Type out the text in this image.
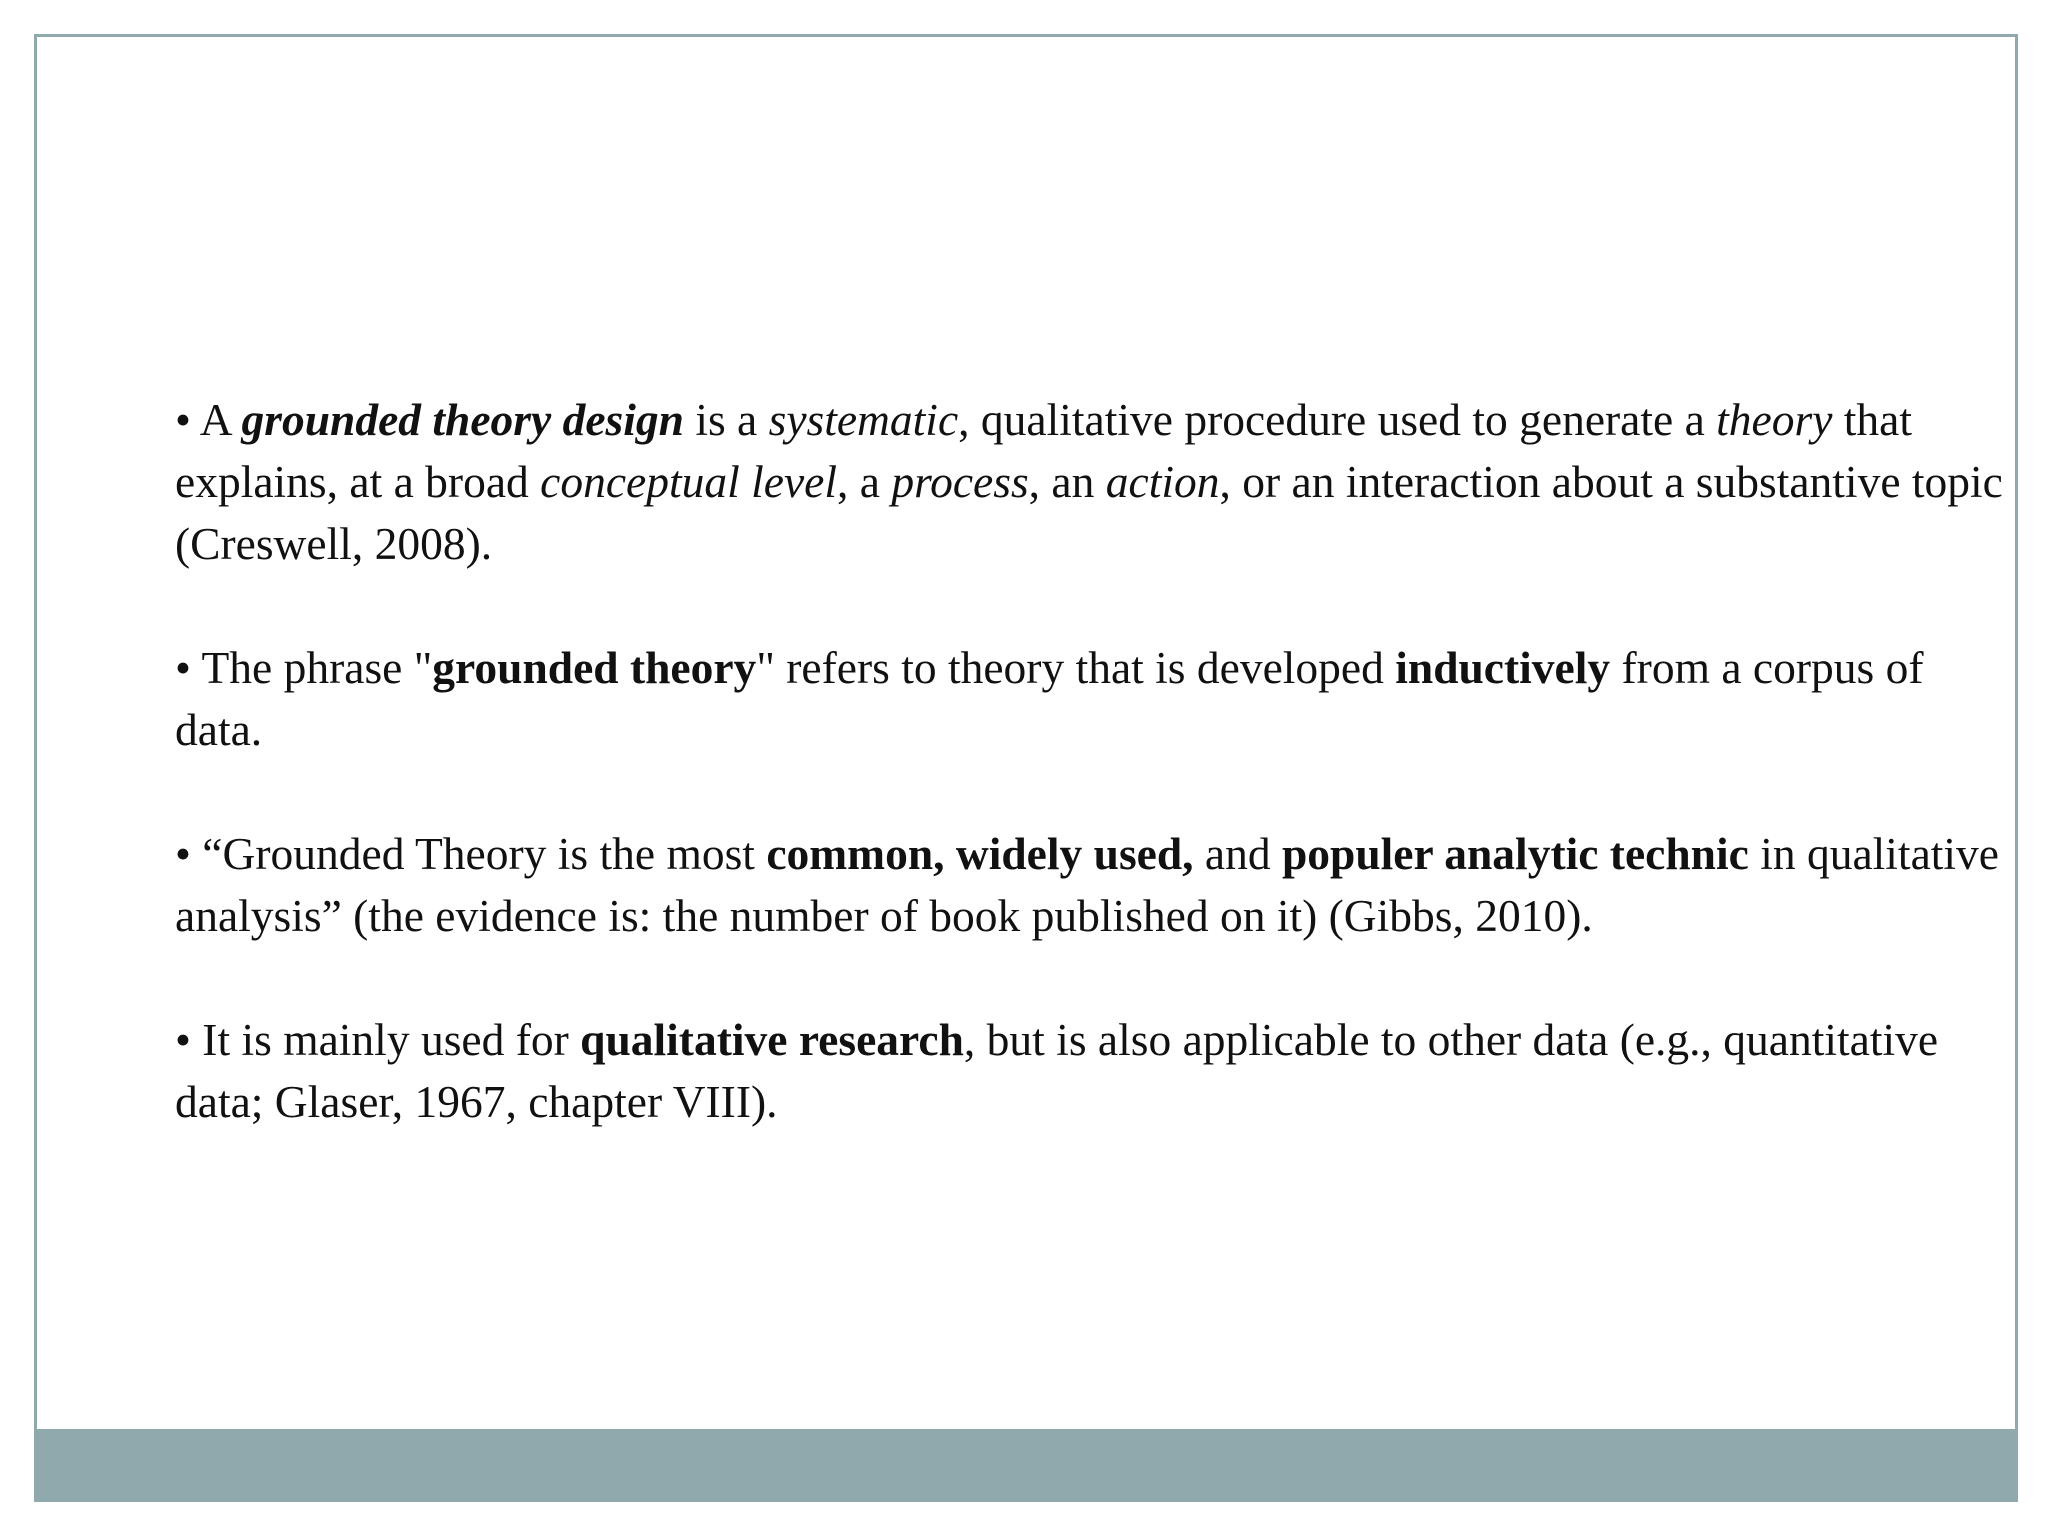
• A grounded theory design is a systematic, qualitative procedure used to generate a theory that explains, at a broad conceptual level, a process, an action, or an interaction about a substantive topic (Creswell, 2008).

• The phrase "grounded theory" refers to theory that is developed inductively from a corpus of data.

• “Grounded Theory is the most common, widely used, and populer analytic technic in qualitative analysis” (the evidence is: the number of book published on it) (Gibbs, 2010).

• It is mainly used for qualitative research, but is also applicable to other data (e.g., quantitative data; Glaser, 1967, chapter VIII).
